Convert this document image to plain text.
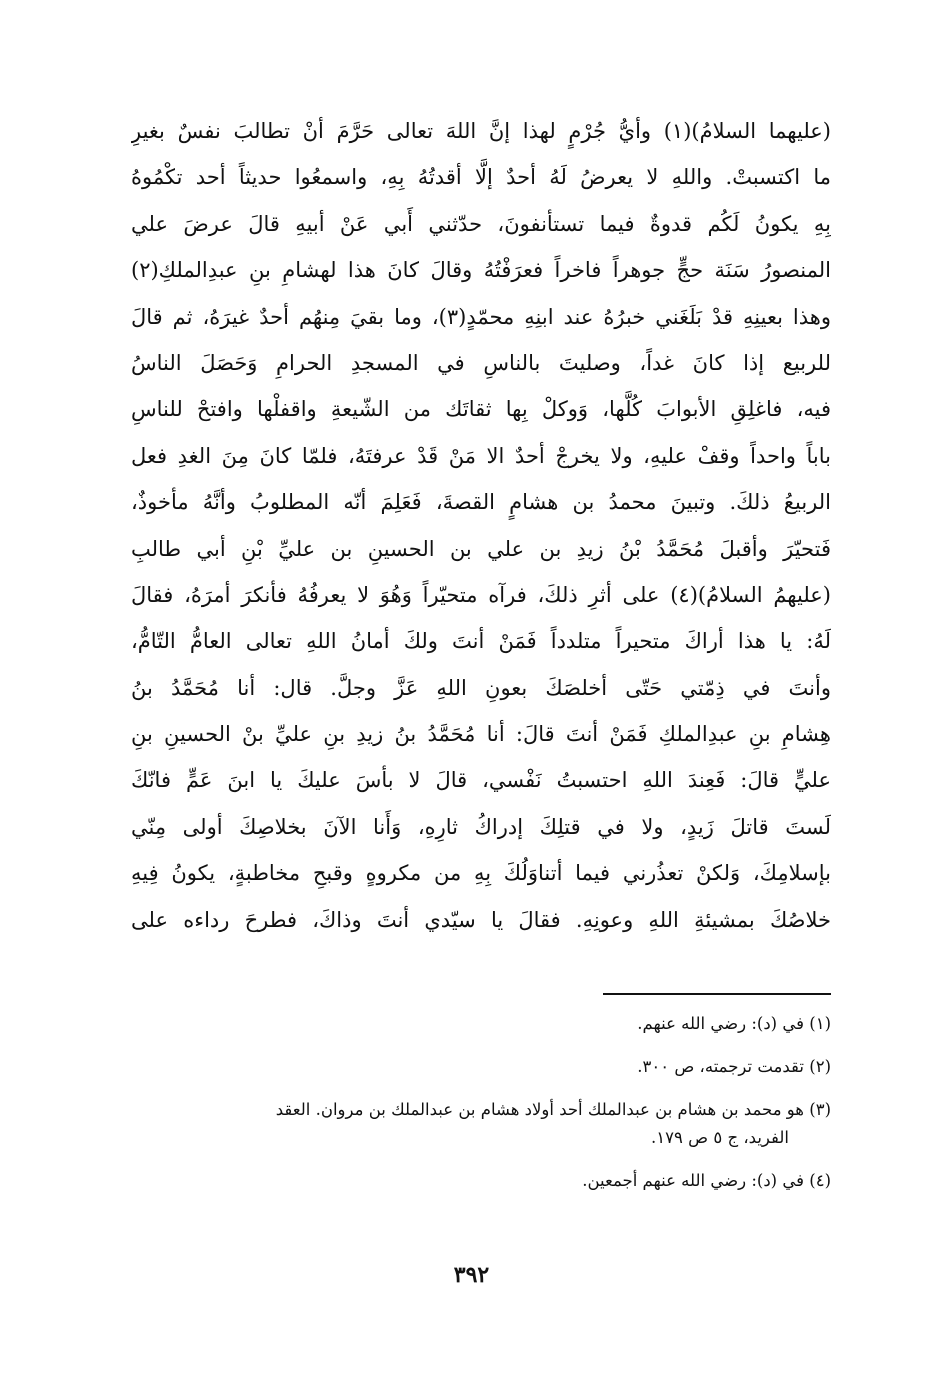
(عليهما السلامُ)(١) وأيُّ جُرْمٍ لهذا إنَّ اللهَ تعالى حَرَّمَ أنْ تطالبَ نفسٌ بغيرِ
ما اكتسبتْ. واللهِ لا يعرضُ لَهُ أحدٌ إلَّا أقدتُهُ بِهِ، واسمعُوا حديثاً أحد تكْمُوهُ
بِهِ يكونُ لَكُم قدوةٌ فيما تستأنفونَ، حدّثني أَبي عَنْ أبيهِ قالَ عرضَ علي
المنصورُ سَنَة حجٍّ جوهراً فاخراً فعرَفْتُهُ وقالَ كانَ هذا لهشامِ بنِ عبدِالملكِ(٢)
وهذا بعينِهِ قدْ بَلَغَني خبرُهُ عند ابنِهِ محمّدٍ(٣)، وما بقيَ مِنهُم أحدٌ غيرَهُ، ثم قالَ
للربيع إذا كانَ غداً، وصليتَ بالناسِ في المسجدِ الحرامِ وَحَصَلَ الناسُ
فيه، فاغلِقِ الأبوابَ كُلَّها، وَوكلْ بِها ثقاتَك من الشّيعةِ واقفلْها وافتحْ للناسِ
باباً واحداً وقفْ عليهِ، ولا يخرجْ أحدٌ الا مَنْ قَدْ عرفتَهُ، فلمّا كانَ مِنَ الغدِ فعل
الربيعُ ذلكَ. وتبينَ محمدُ بن هشامٍ القصةَ، فَعَلِمَ أنّه المطلوبُ وأنَّهُ مأخوذٌ،
فَتحيّرَ وأقبلَ مُحَمَّدُ بْنُ زيدِ بن علي بن الحسينِ بن عليِّ بْنِ أبي طالبِ
(عليهمُ السلامُ)(٤) على أثرِ ذلكَ، فرآه متحيّراً وَهُوَ لا يعرفُهُ فأنكرَ أمرَهُ، فقالَ
لَهُ: يا هذا أراكَ متحيراً متلدداً فَمَنْ أنتَ ولكَ أمانُ اللهِ تعالى العامُّ التّامُّ،
وأنتَ في ذِمّتي حَتّى أخلصَكَ بعونِ اللهِ عَزَّ وجلَّ. قال: أنا مُحَمَّدُ بنُ
هِشامِ بنِ عبدِالملكِ فَمَنْ أنتَ قالَ: أنا مُحَمَّدُ بنُ زيدِ بنِ عليِّ بنْ الحسينِ بنِ
عليٍّ قالَ: فَعِندَ اللهِ احتسبتُ نَفْسي، قالَ لا بأسَ عليكَ يا ابنَ عَمٍّ فانّكَ
لَستَ قاتلَ زَيدٍ، ولا في قتلِكَ إدراكُ ثارِهِ، وَأَنا الآنَ بخلاصِكَ أولى مِنّي
بإسلامِكَ، وَلكنْ تعذُرني فيما أتناوَلُكَ بِهِ من مكروهٍ وقبحِ مخاطبةٍ، يكونُ فِيهِ
خلاصُكَ بمشيئةِ اللهِ وعونِهِ. فقالَ يا سيّدي أنتَ وذاكَ، فطرحَ رداءه على
(١) في (د): رضي الله عنهم.
(٢) تقدمت ترجمته، ص ٣٠٠.
(٣) هو محمد بن هشام بن عبدالملك أحد أولاد هشام بن عبدالملك بن مروان. العقد
الفريد، ج ٥ ص ١٧٩.
(٤) في (د): رضي الله عنهم أجمعين.
٣٩٢
